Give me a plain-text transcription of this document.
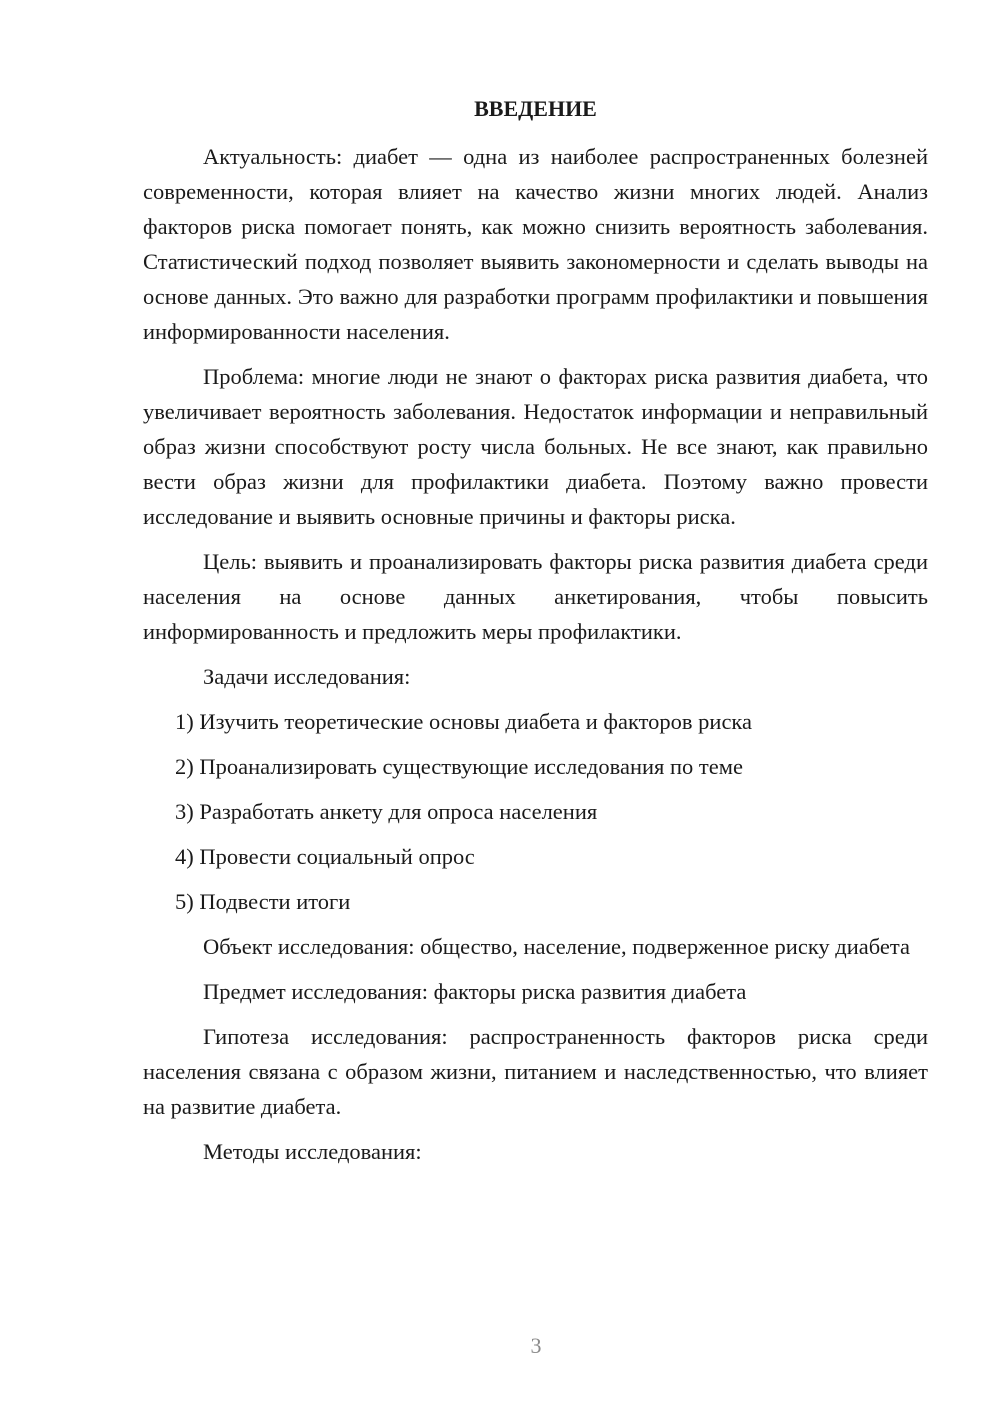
ВВЕДЕНИЕ

Актуальность: диабет — одна из наиболее распространенных болезней современности, которая влияет на качество жизни многих людей. Анализ факторов риска помогает понять, как можно снизить вероятность заболевания. Статистический подход позволяет выявить закономерности и сделать выводы на основе данных. Это важно для разработки программ профилактики и повышения информированности населения.

Проблема: многие люди не знают о факторах риска развития диабета, что увеличивает вероятность заболевания. Недостаток информации и неправильный образ жизни способствуют росту числа больных. Не все знают, как правильно вести образ жизни для профилактики диабета. Поэтому важно провести исследование и выявить основные причины и факторы риска.

Цель: выявить и проанализировать факторы риска развития диабета среди населения на основе данных анкетирования, чтобы повысить информированность и предложить меры профилактики.

Задачи исследования:

1) Изучить теоретические основы диабета и факторов риска
2) Проанализировать существующие исследования по теме
3) Разработать анкету для опроса населения
4) Провести социальный опрос
5) Подвести итоги

Объект исследования: общество, население, подверженное риску диабета

Предмет исследования: факторы риска развития диабета

Гипотеза исследования: распространенность факторов риска среди населения связана с образом жизни, питанием и наследственностью, что влияет на развитие диабета.

Методы исследования:

3
